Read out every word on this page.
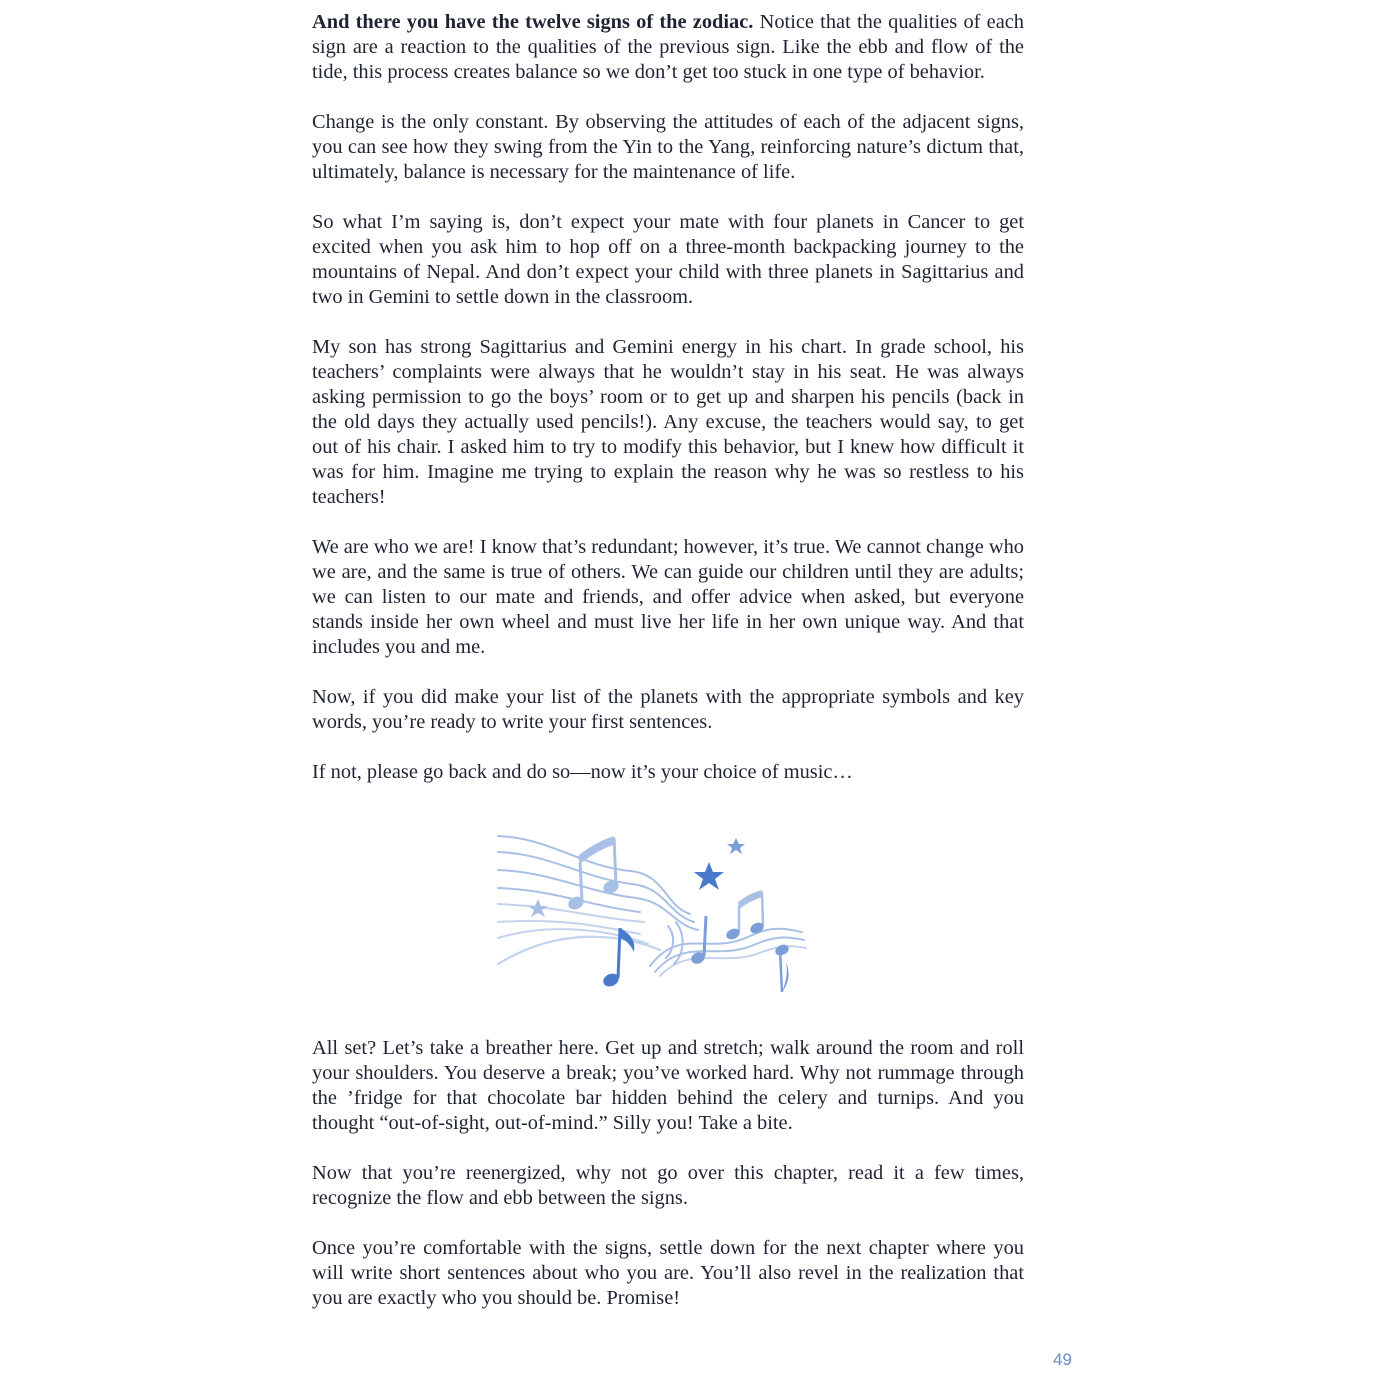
And there you have the twelve signs of the zodiac. Notice that the qualities of each sign are a reaction to the qualities of the previous sign. Like the ebb and flow of the tide, this process creates balance so we don’t get too stuck in one type of behavior.

Change is the only constant. By observing the attitudes of each of the adjacent signs, you can see how they swing from the Yin to the Yang, reinforcing nature’s dictum that, ultimately, balance is necessary for the maintenance of life.

So what I’m saying is, don’t expect your mate with four planets in Cancer to get excited when you ask him to hop off on a three-month backpacking journey to the mountains of Nepal. And don’t expect your child with three planets in Sagittarius and two in Gemini to settle down in the classroom.

My son has strong Sagittarius and Gemini energy in his chart. In grade school, his teachers’ complaints were always that he wouldn’t stay in his seat. He was always asking permission to go the boys’ room or to get up and sharpen his pencils (back in the old days they actually used pencils!). Any excuse, the teachers would say, to get out of his chair. I asked him to try to modify this behavior, but I knew how difficult it was for him. Imagine me trying to explain the reason why he was so restless to his teachers!

We are who we are! I know that’s redundant; however, it’s true. We cannot change who we are, and the same is true of others. We can guide our children until they are adults; we can listen to our mate and friends, and offer advice when asked, but everyone stands inside her own wheel and must live her life in her own unique way. And that includes you and me.

Now, if you did make your list of the planets with the appropriate symbols and key words, you’re ready to write your first sentences.

If not, please go back and do so—now it’s your choice of music…

All set? Let’s take a breather here. Get up and stretch; walk around the room and roll your shoulders. You deserve a break; you’ve worked hard. Why not rummage through the ’fridge for that chocolate bar hidden behind the celery and turnips. And you thought “out-of-sight, out-of-mind.” Silly you! Take a bite.

Now that you’re reenergized, why not go over this chapter, read it a few times, recognize the flow and ebb between the signs.

Once you’re comfortable with the signs, settle down for the next chapter where you will write short sentences about who you are. You’ll also revel in the realization that you are exactly who you should be. Promise!

49
